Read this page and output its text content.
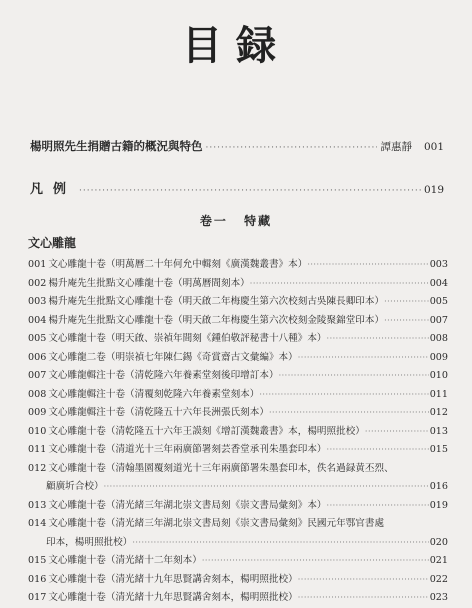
目録
楊明照先生捐贈古籍的概況與特色 ·····	譚惠靜 001
凡例 ·····	019
卷一 特藏
文心雕龍
001 文心雕龍十卷（明萬曆二十年何允中輯刻《廣漢魏叢書》本） ·····	003
002 楊升庵先生批點文心雕龍十卷（明萬曆間刻本） ·····	004
003 楊升庵先生批點文心雕龍十卷（明天啟二年梅慶生第六次校刻古吳陳長卿印本） ·····	005
004 楊升庵先生批點文心雕龍十卷（明天啟二年梅慶生第六次校刻金陵聚錦堂印本） ·····	007
005 文心雕龍十卷（明天啟、崇禎年間刻《鍾伯敬評秘書十八種》本） ·····	008
006 文心雕龍二卷（明崇禎七年陳仁錫《奇賞齋古文彙編》本） ·····	009
007 文心雕龍輯注十卷（清乾隆六年養素堂刻後印增訂本） ·····	010
008 文心雕龍輯注十卷（清覆刻乾隆六年養素堂刻本） ·····	011
009 文心雕龍輯注十卷（清乾隆五十六年長洲張氏刻本） ·····	012
010 文心雕龍十卷（清乾隆五十六年王謨刻《增訂漢魏叢書》本，楊明照批校） ·····	013
011 文心雕龍十卷（清道光十三年兩廣節署刻芸香堂承刊朱墨套印本） ·····	015
012 文心雕龍十卷（清翰墨園覆刻道光十三年兩廣節署朱墨套印本，佚名過録黄丕烈、
顧廣圻合校） ·····	016
013 文心雕龍十卷（清光緒三年湖北崇文書局刻《崇文書局彙刻》本） ·····	019
014 文心雕龍十卷（清光緒三年湖北崇文書局刻《崇文書局彙刻》民國元年鄂官書處
印本，楊明照批校） ·····	020
015 文心雕龍十卷（清光緒十二年刻本） ·····	021
016 文心雕龍十卷（清光緒十九年思賢講舍刻本，楊明照批校） ·····	022
017 文心雕龍十卷（清光緒十九年思賢講舍刻本，楊明照批校） ·····	023
